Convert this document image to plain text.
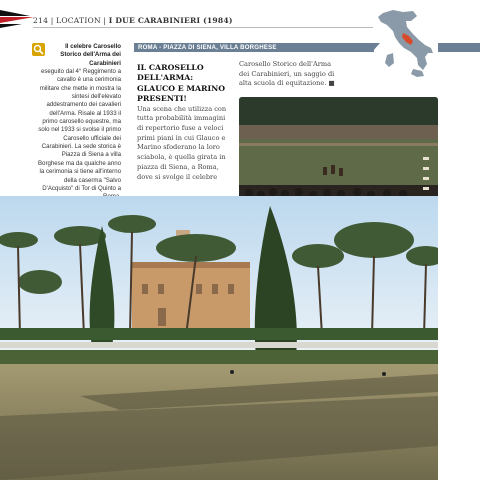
214 | LOCATION | I DUE CARABINIERI (1984)
Il celebre Carosello Storico dell'Arma dei Carabinieri
eseguito dal 4° Reggimento a cavallo è una cerimonia militare che mette in mostra la sintesi dell'elevato addestramento dei cavalieri dell'Arma. Risale al 1933 il primo carosello equestre, ma solo nel 1933 si svolse il primo Carosello ufficiale dei Carabinieri. La sede storica è Piazza di Siena a villa Borghese ma da qualche anno la cerimonia si tiene all'interno della caserma "Salvo D'Acquisto" di Tor di Quinto a
ROMA - PIAZZA DI SIENA, VILLA BORGHESE
IL CAROSELLO DELL'ARMA: GLAUCO E MARINO PRESENTI!
Una scena che utilizza con tutta probabilità immagini di repertorio fuse a veloci primi piani in cui Glauco e Marino sfoderano la loro sciabola, è quella girata in piazza di Siena, a Roma, dove si svolge il celebre
Carosello Storico dell'Arma dei Carabinieri, un saggio di alta scuola di equitazione. ■
